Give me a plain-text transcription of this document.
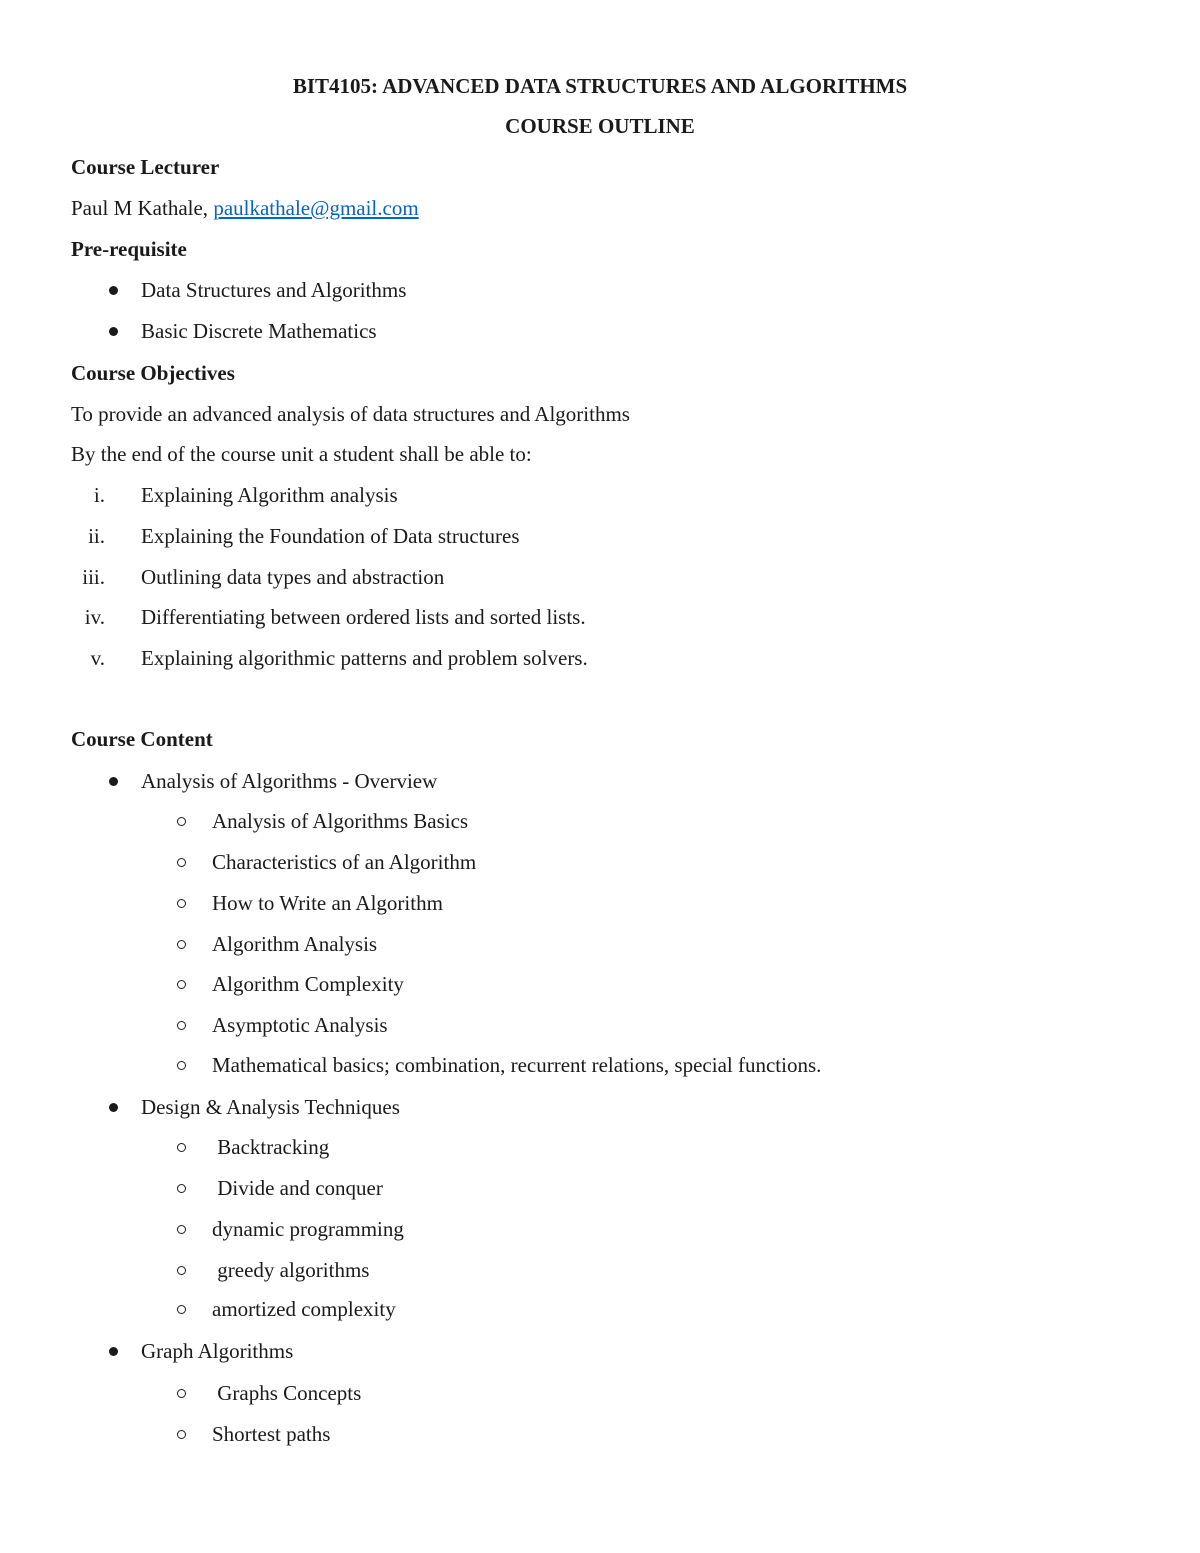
BIT4105: ADVANCED DATA STRUCTURES AND ALGORITHMS
COURSE OUTLINE
Course Lecturer
Paul M Kathale, paulkathale@gmail.com
Pre-requisite
Data Structures and Algorithms
Basic Discrete Mathematics
Course Objectives
To provide an advanced analysis of data structures and Algorithms
By the end of the course unit a student shall be able to:
i. Explaining Algorithm analysis
ii. Explaining the Foundation of Data structures
iii. Outlining data types and abstraction
iv. Differentiating between ordered lists and sorted lists.
v. Explaining algorithmic patterns and problem solvers.
Course Content
Analysis of Algorithms - Overview
Analysis of Algorithms Basics
Characteristics of an Algorithm
How to Write an Algorithm
Algorithm Analysis
Algorithm Complexity
Asymptotic Analysis
Mathematical basics; combination, recurrent relations, special functions.
Design & Analysis Techniques
Backtracking
Divide and conquer
dynamic programming
greedy algorithms
amortized complexity
Graph Algorithms
Graphs Concepts
Shortest paths
